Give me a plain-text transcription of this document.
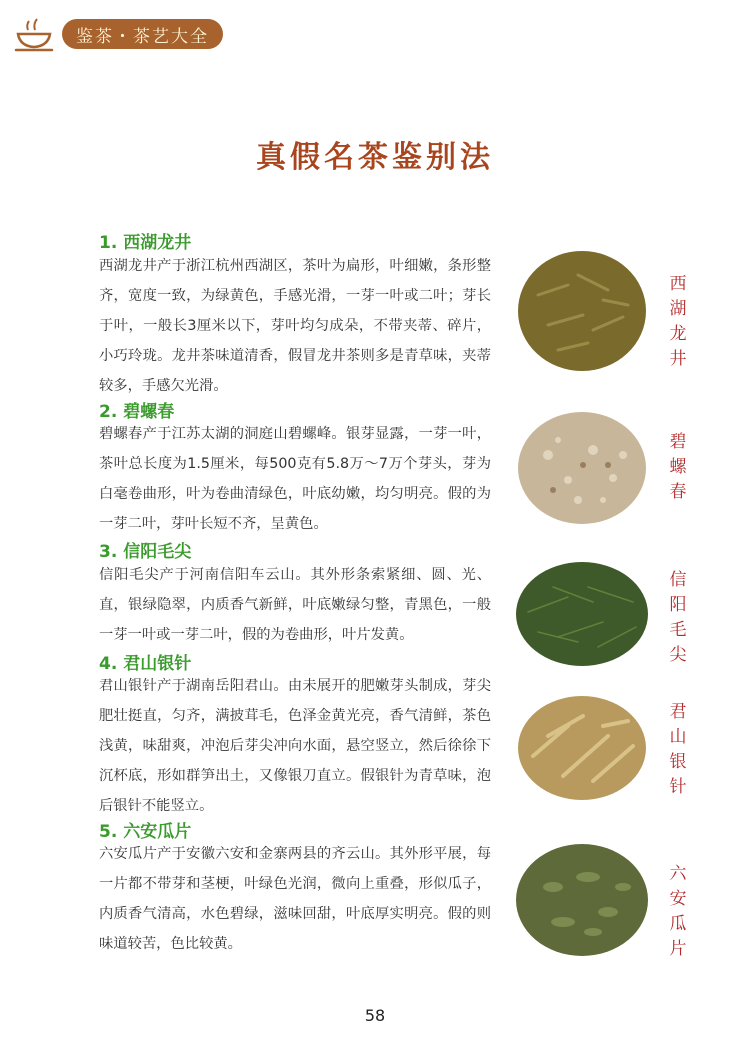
鉴茶・茶艺大全
真假名茶鉴别法
1. 西湖龙井
西湖龙井产于浙江杭州西湖区，茶叶为扁形，叶细嫩，条形整齐，宽度一致，为绿黄色，手感光滑，一芽一叶或二叶；芽长于叶，一般长3厘米以下，芽叶均匀成朵，不带夹蒂、碎片，小巧玲珑。龙井茶味道清香，假冒龙井茶则多是青草味，夹蒂较多，手感欠光滑。
2. 碧螺春
碧螺春产于江苏太湖的洞庭山碧螺峰。银芽显露，一芽一叶，茶叶总长度为1.5厘米，每500克有5.8万～7万个芽头，芽为白毫卷曲形，叶为卷曲清绿色，叶底幼嫩，均匀明亮。假的为一芽二叶，芽叶长短不齐，呈黄色。
3. 信阳毛尖
信阳毛尖产于河南信阳车云山。其外形条索紧细、圆、光、直，银绿隐翠，内质香气新鲜，叶底嫩绿匀整，青黑色，一般一芽一叶或一芽二叶，假的为卷曲形，叶片发黄。
4. 君山银针
君山银针产于湖南岳阳君山。由未展开的肥嫩芽头制成，芽尖肥壮挺直，匀齐，满披茸毛，色泽金黄光亮，香气清鲜，茶色浅黄，味甜爽，冲泡后芽尖冲向水面，悬空竖立，然后徐徐下沉杯底，形如群笋出土，又像银刀直立。假银针为青草味，泡后银针不能竖立。
5. 六安瓜片
六安瓜片产于安徽六安和金寨两县的齐云山。其外形平展，每一片都不带芽和茎梗，叶绿色光润，微向上重叠，形似瓜子，内质香气清高，水色碧绿，滋味回甜，叶底厚实明亮。假的则味道较苦，色比较黄。
西湖龙井
碧螺春
信阳毛尖
君山银针
六安瓜片
58
